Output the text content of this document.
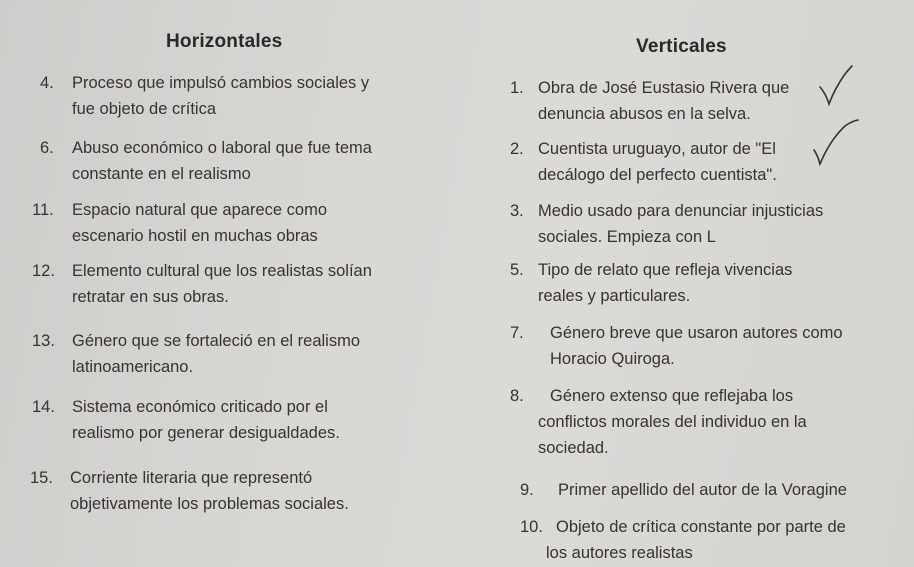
Horizontales	Verticales
4. Proceso que impulsó cambios sociales y
fue objeto de crítica
6. Abuso económico o laboral que fue tema
constante en el realismo
11. Espacio natural que aparece como
escenario hostil en muchas obras
12. Elemento cultural que los realistas solían
retratar en sus obras.
13. Género que se fortaleció en el realismo
latinoamericano.
14. Sistema económico criticado por el
realismo por generar desigualdades.
15. Corriente literaria que representó
objetivamente los problemas sociales.
1. Obra de José Eustasio Rivera que
denuncia abusos en la selva.
2. Cuentista uruguayo, autor de "El
decálogo del perfecto cuentista".
3. Medio usado para denunciar injusticias
sociales. Empieza con L
5. Tipo de relato que refleja vivencias
reales y particulares.
7. Género breve que usaron autores como
Horacio Quiroga.
8. Género extenso que reflejaba los
conflictos morales del individuo en la
sociedad.
9. Primer apellido del autor de la Voragine
10. Objeto de crítica constante por parte de
los autores realistas
